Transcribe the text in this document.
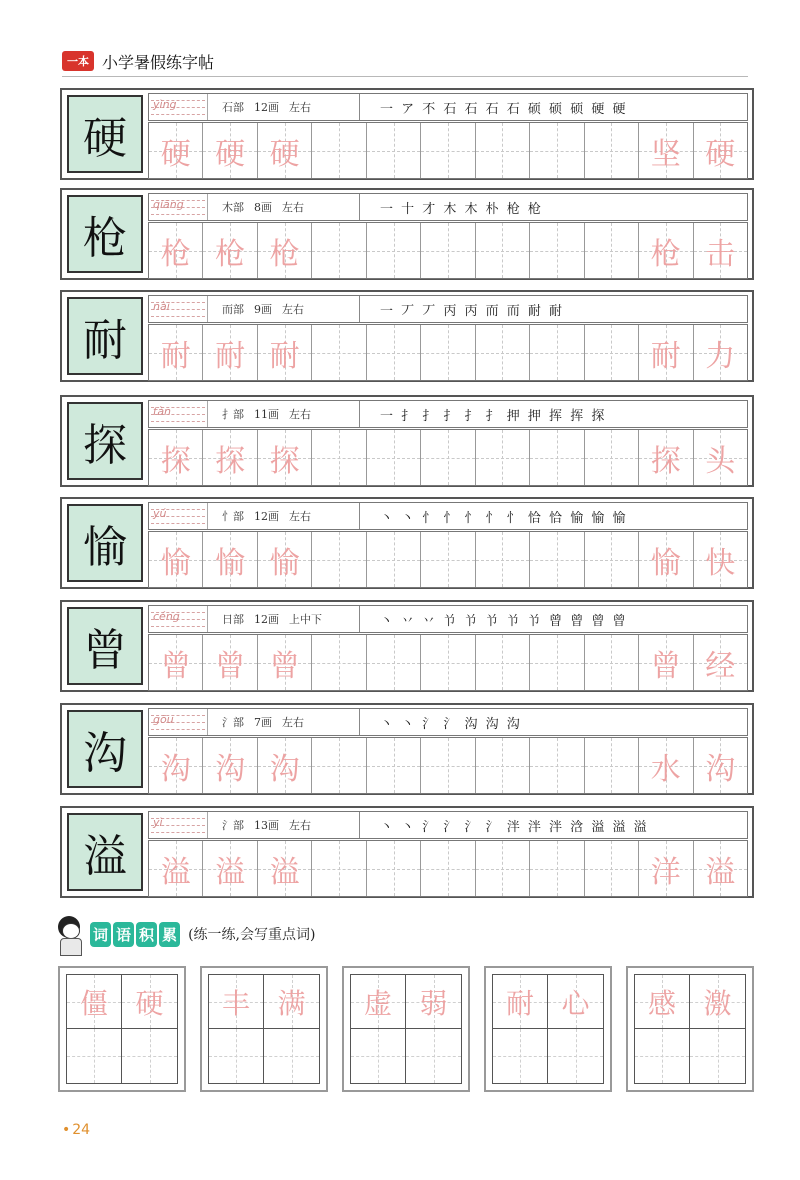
一本 小学暑假练字帖
硬
yìng	石部 12画 左右	一 ア 不 石 石 石 石 硕 硕 硕 硬 硬
硬 硬 硬	坚 硬
枪
qiāng	木部 8画 左右	一 十 才 木 木 朴 枪 枪
枪 枪 枪	枪 击
耐
nài	而部 9画 左右	一 丆 丆 丙 丙 而 而 耐 耐
耐 耐 耐	耐 力
探
tàn	扌部 11画 左右	一 扌 扌 扌 扌 扌 押 押 挥 挥 探
探 探 探	探 头
愉
yú	忄部 12画 左右	丶 丶 忄 忄 忄 忄 忄 恰 恰 愉 愉 愉
愉 愉 愉	愉 快
曾
céng	日部 12画 上中下	丶 丷 丷 兯 兯 兯 兯 兯 曾 曾 曾 曾
曾 曾 曾	曾 经
沟
gōu	氵部 7画 左右	丶 丶 氵 氵 沟 沟 沟
沟 沟 沟	水 沟
溢
yì	氵部 13画 左右	丶 丶 氵 氵 氵 氵 泮 泮 泮 浛 溢 溢 溢
溢 溢 溢	洋 溢
词 语 积 累 (练一练,会写重点词)
僵 硬 丰 满 虚 弱 耐 心 感 激
• 24
